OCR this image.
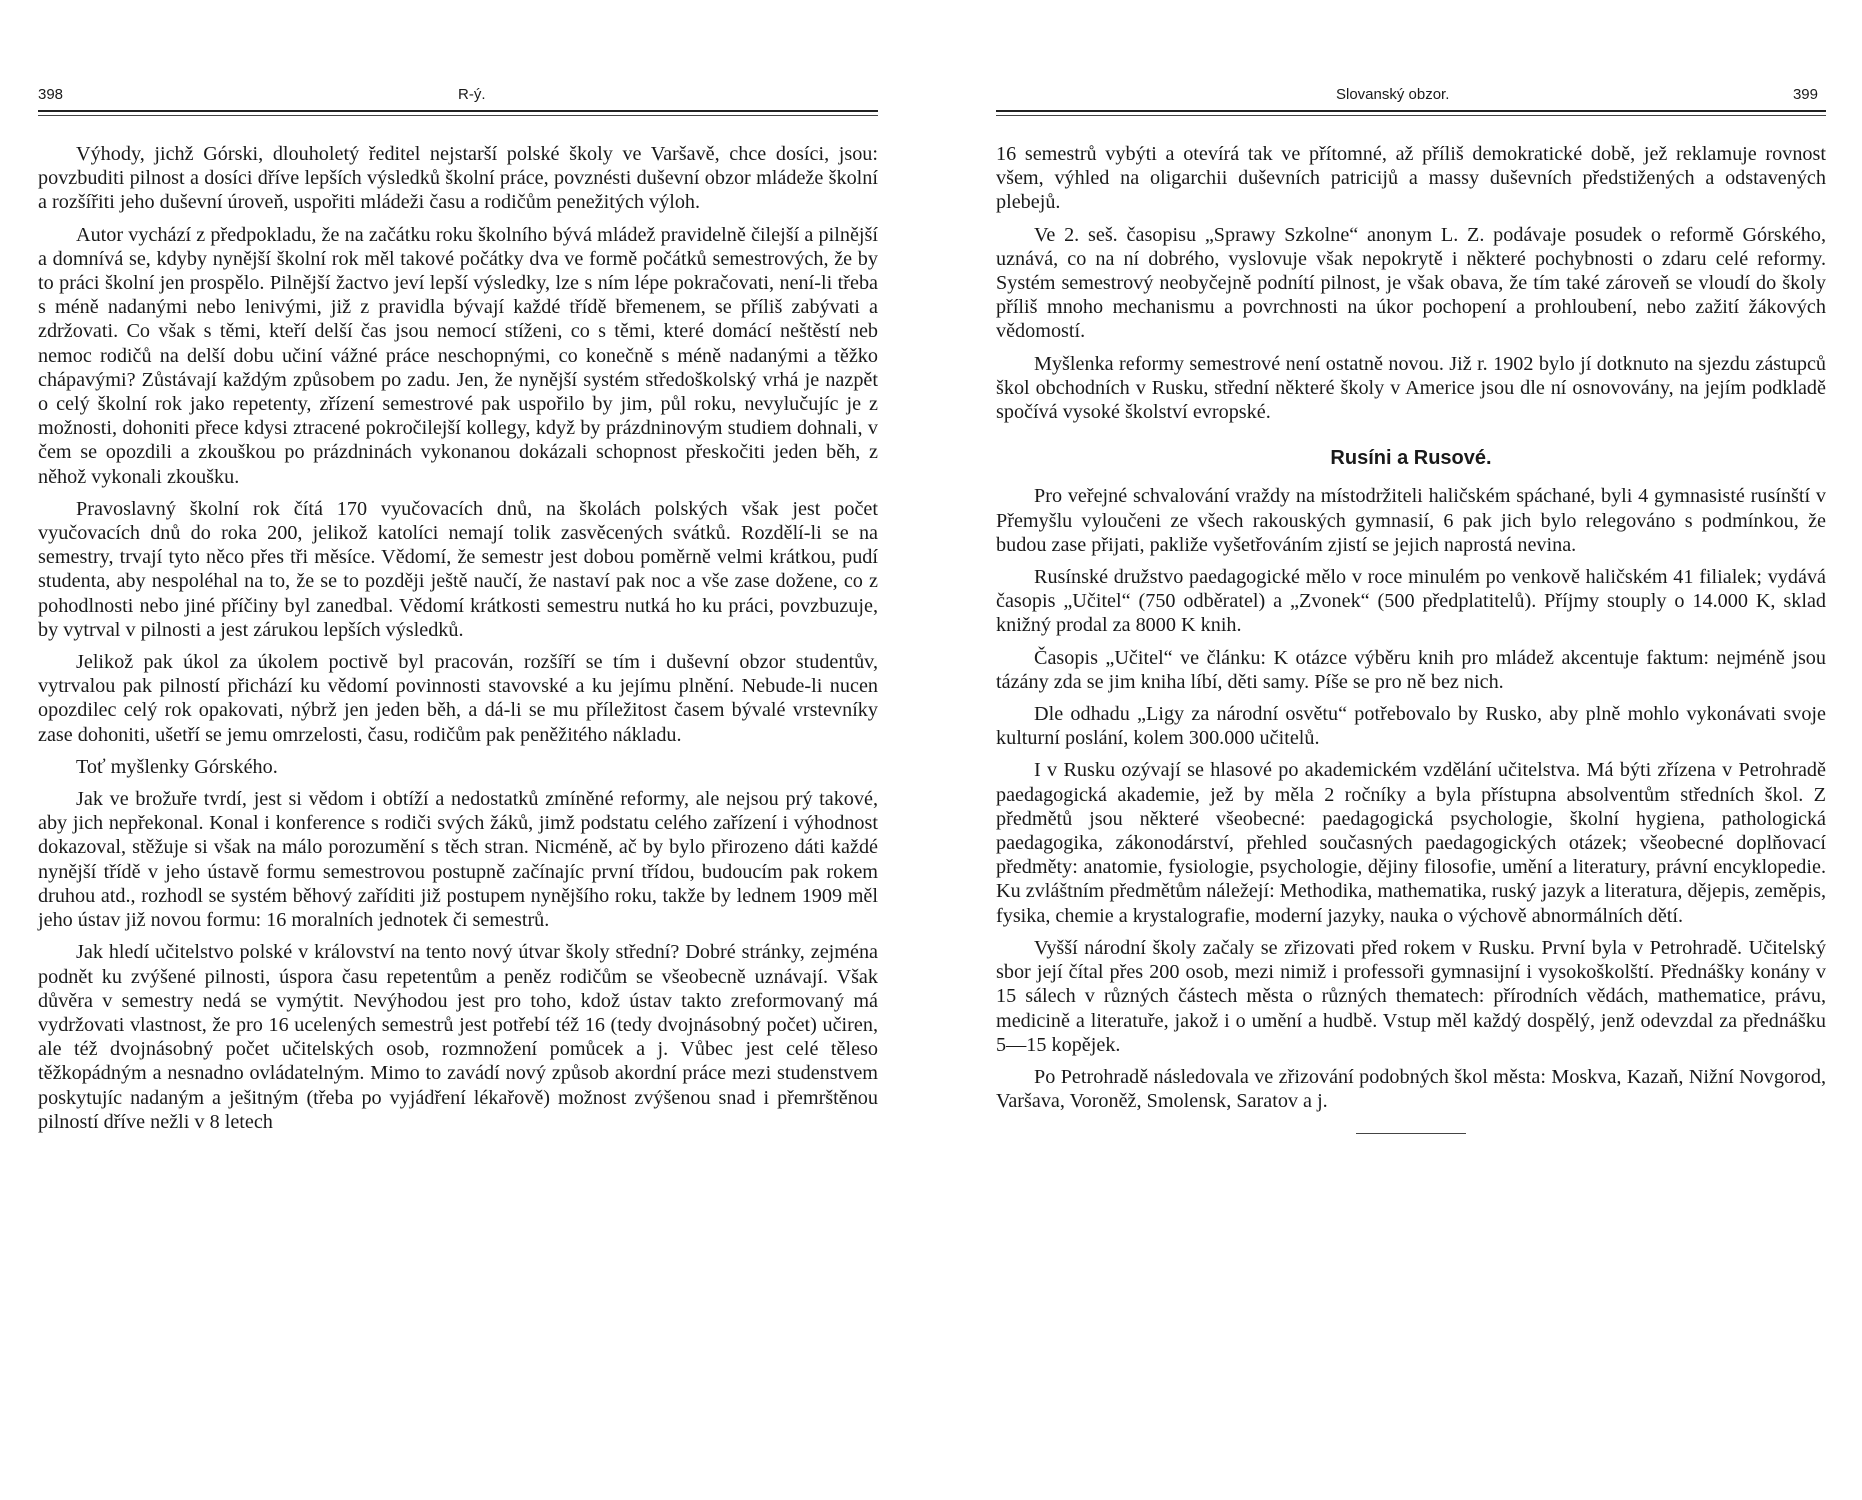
398	R-ý.

Výhody, jichž Górski, dlouholetý ředitel nejstarší polské školy ve Varšavě, chce dosíci, jsou: povzbuditi pilnost a dosíci dříve lepších výsledků školní práce, povznésti duševní obzor mládeže školní a rozšířiti jeho duševní úroveň, uspořiti mládeži času a rodičům penežitých výloh.

Autor vychází z předpokladu, že na začátku roku školního bývá mládež pravidelně čilejší a pilnější a domnívá se, kdyby nynější školní rok měl takové počátky dva ve formě počátků semestrových, že by to práci školní jen prospělo. Pilnější žactvo jeví lepší výsledky, lze s ním lépe pokračovati, není-li třeba s méně nadanými nebo lenivými, již z pravidla bývají každé třídě břemenem, se příliš zabývati a zdržovati. Co však s těmi, kteří delší čas jsou nemocí stíženi, co s těmi, které domácí neštěstí neb nemoc rodičů na delší dobu učiní vážné práce neschopnými, co konečně s méně nadanými a těžko chápavými? Zůstávají každým způsobem po zadu. Jen, že nynější systém středoškolský vrhá je nazpět o celý školní rok jako repetenty, zřízení semestrové pak uspořilo by jim, půl roku, nevylučujíc je z možnosti, dohoniti přece kdysi ztracené pokročilejší kollegy, když by prázdninovým studiem dohnali, v čem se opozdili a zkouškou po prázdninách vykonanou dokázali schopnost přeskočiti jeden běh, z něhož vykonali zkoušku.

Pravoslavný školní rok čítá 170 vyučovacích dnů, na školách polských však jest počet vyučovacích dnů do roka 200, jelikož katolíci nemají tolik zasvěcených svátků. Rozdělí-li se na semestry, trvají tyto něco přes tři měsíce. Vědomí, že semestr jest dobou poměrně velmi krátkou, pudí studenta, aby nespoléhal na to, že se to později ještě naučí, že nastaví pak noc a vše zase dožene, co z pohodlnosti nebo jiné příčiny byl zanedbal. Vědomí krátkosti semestru nutká ho ku práci, povzbuzuje, by vytrval v pilnosti a jest zárukou lepších výsledků.

Jelikož pak úkol za úkolem poctivě byl pracován, rozšíří se tím i duševní obzor studentův, vytrvalou pak pilností přichází ku vědomí povinnosti stavovské a ku jejímu plnění. Nebude-li nucen opozdilec celý rok opakovati, nýbrž jen jeden běh, a dá-li se mu příležitost časem bývalé vrstevníky zase dohoniti, ušetří se jemu omrzelosti, času, rodičům pak peněžitého nákladu.

Toť myšlenky Górského.

Jak ve brožuře tvrdí, jest si vědom i obtíží a nedostatků zmíněné reformy, ale nejsou prý takové, aby jich nepřekonal. Konal i konference s rodiči svých žáků, jimž podstatu celého zařízení i výhodnost dokazoval, stěžuje si však na málo porozumění s těch stran. Nicméně, ač by bylo přirozeno dáti každé nynější třídě v jeho ústavě formu semestrovou postupně začínajíc první třídou, budoucím pak rokem druhou atd., rozhodl se systém běhový zaříditi již postupem nynějšího roku, takže by lednem 1909 měl jeho ústav již novou formu: 16 moralních jednotek či semestrů.

Jak hledí učitelstvo polské v království na tento nový útvar školy střední? Dobré stránky, zejména podnět ku zvýšené pilnosti, úspora času repetentům a peněz rodičům se všeobecně uznávají. Však důvěra v semestry nedá se vymýtit. Nevýhodou jest pro toho, kdož ústav takto zreformovaný má vydržovati vlastnost, že pro 16 ucelených semestrů jest potřebí též 16 (tedy dvojnásobný počet) učiren, ale též dvojnásobný počet učitelských osob, rozmnožení pomůcek a j. Vůbec jest celé těleso těžkopádným a nesnadno ovládatelným. Mimo to zavádí nový způsob akordní práce mezi studenstvem poskytujíc nadaným a ješitným (třeba po vyjádření lékařově) možnost zvýšenou snad i přemrštěnou pilností dříve nežli v 8 letech

Slovanský obzor.	399

16 semestrů vybýti a otevírá tak ve přítomné, až příliš demokratické době, jež reklamuje rovnost všem, výhled na oligarchii duševních patriciјů a massy duševních předstižených a odstavených plebejů.

Ve 2. seš. časopisu „Sprawy Szkolne“ anonym L. Z. podávaje posudek o reformě Górského, uznává, co na ní dobrého, vyslovuje však nepokrytě i některé pochybnosti o zdaru celé reformy. Systém semestrový neobyčejně podnítí pilnost, je však obava, že tím také zároveň se vloudí do školy příliš mnoho mechanismu a povrchnosti na úkor pochopení a prohloubení, nebo zažití žákových vědomostí.

Myšlenka reformy semestrové není ostatně novou. Již r. 1902 bylo jí dotknuto na sjezdu zástupců škol obchodních v Rusku, střední některé školy v Americe jsou dle ní osnovovány, na jejím podkladě spočívá vysoké školství evropské.

Rusíni a Rusové.

Pro veřejné schvalování vraždy na místodržiteli haličském spáchané, byli 4 gymnasisté rusínští v Přemyšlu vyloučeni ze všech rakouských gymnasií, 6 pak jich bylo relegováno s podmínkou, že budou zase přijati, pakliže vyšetřováním zjistí se jejich naprostá nevina.

Rusínské družstvo paedagogické mělo v roce minulém po venkově haličském 41 filialek; vydává časopis „Učitel“ (750 odběratel) a „Zvonek“ (500 předplatitelů). Příjmy stouply o 14.000 K, sklad knižný prodal za 8000 K knih.

Časopis „Učitel“ ve článku: K otázce výběru knih pro mládež akcentuje faktum: nejméně jsou tázány zda se jim kniha líbí, děti samy. Píše se pro ně bez nich.

Dle odhadu „Ligy za národní osvětu“ potřebovalo by Rusko, aby plně mohlo vykonávati svoje kulturní poslání, kolem 300.000 učitelů.

I v Rusku ozývají se hlasové po akademickém vzdělání učitelstva. Má býti zřízena v Petrohradě paedagogická akademie, jež by měla 2 ročníky a byla přístupna absolventům středních škol. Z předmětů jsou některé všeobecné: paedagogická psychologie, školní hygiena, pathologická paedagogika, zákonodárství, přehled současných paedagogických otázek; všeobecné doplňovací předměty: anatomie, fysiologie, psychologie, dějiny filosofie, umění a literatury, právní encyklopedie. Ku zvláštním předmětům náležejí: Methodika, mathematika, ruský jazyk a literatura, dějepis, zeměpis, fysika, chemie a krystalografie, moderní jazyky, nauka o výchově abnormálních dětí.

Vyšší národní školy začaly se zřizovati před rokem v Rusku. První byla v Petrohradě. Učitelský sbor její čítal přes 200 osob, mezi nimiž i professoři gymnasijní i vysokoškolští. Přednášky konány v 15 sálech v různých částech města o různých thematech: přírodních vědách, mathematice, právu, medicině a literatuře, jakož i o umění a hudbě. Vstup měl každý dospělý, jenž odevzdal za přednášku 5—15 kopějek.

Po Petrohradě následovala ve zřizování podobných škol města: Moskva, Kazaň, Nižní Novgorod, Varšava, Voroněž, Smolensk, Saratov a j.
